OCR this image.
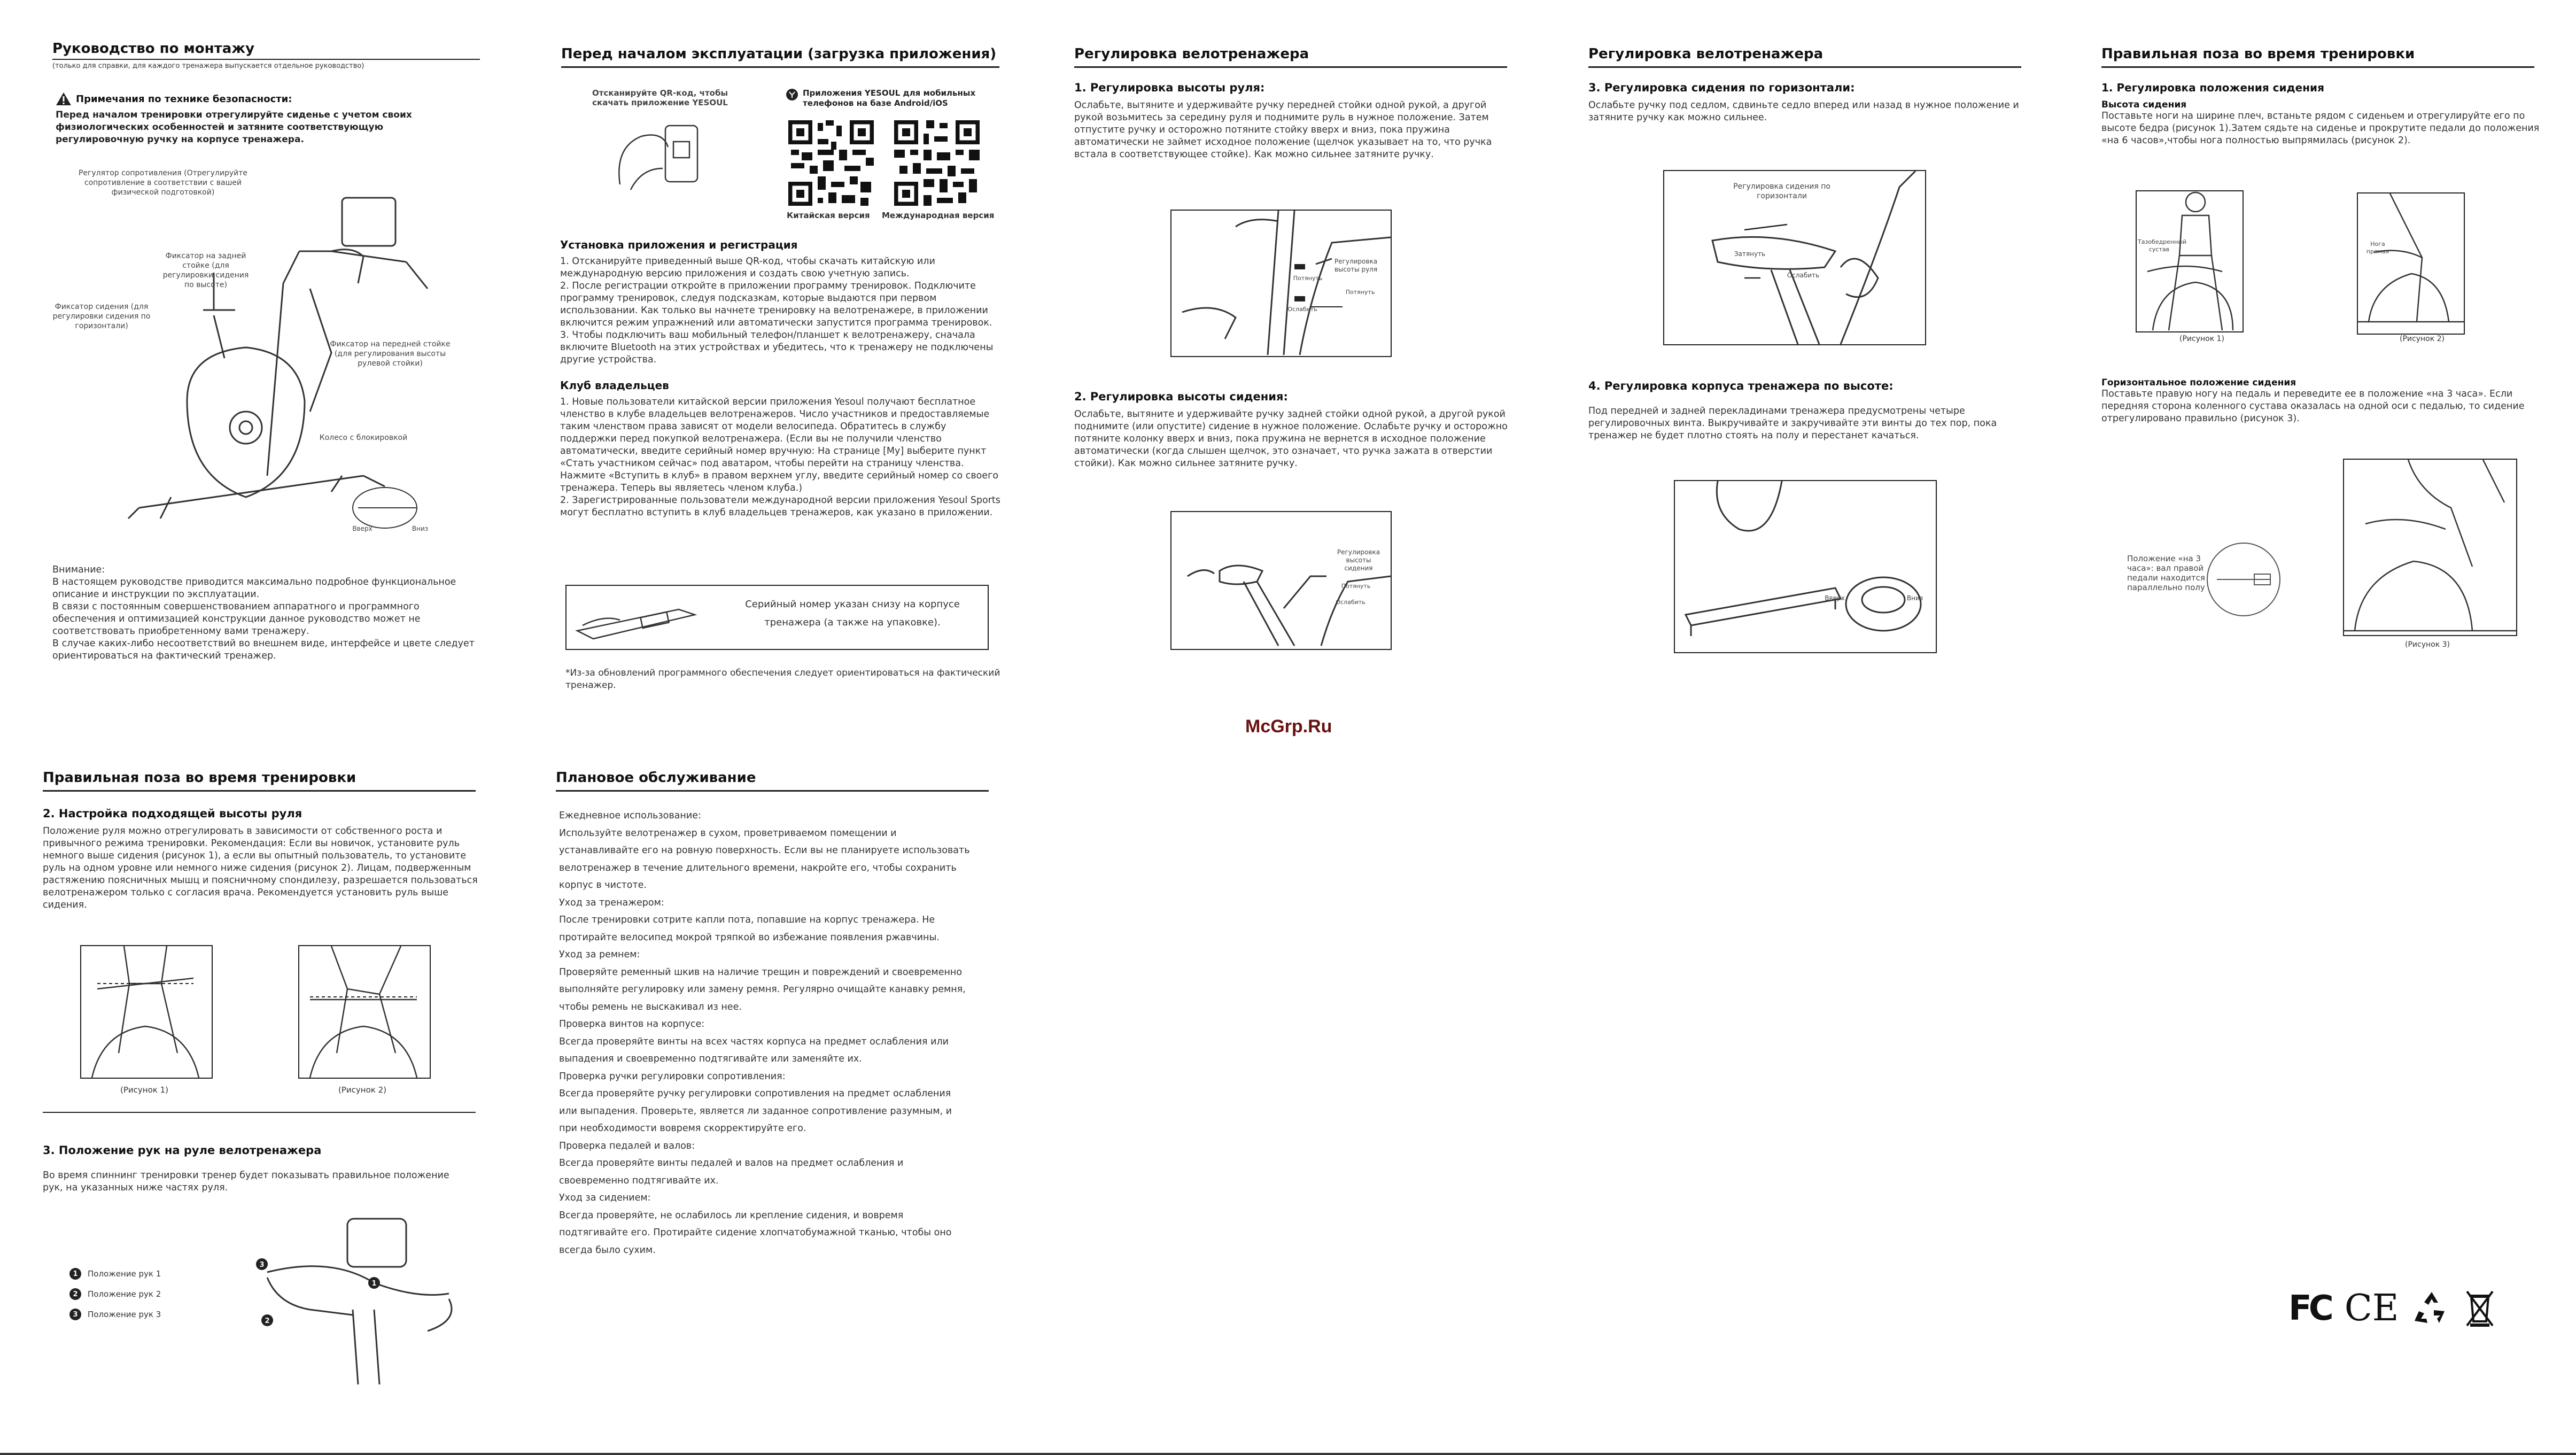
Руководство по монтажу
(только для справки, для каждого тренажера выпускается отдельное руководство)
Примечания по технике безопасности:

Перед началом тренировки отрегулируйте сиденье с учетом своих физиологических особенностей и затяните соответствующую регулировочную ручку на корпусе тренажера.

Регулятор сопротивления (Отрегулируйте сопротивление в соответствии с вашей физической подготовкой)
Фиксатор на задней стойке (для регулировки сидения по высоте)
Фиксатор сидения (для регулировки сидения по горизонтали)
Фиксатор на передней стойке (для регулирования высоты рулевой стойки)
Колесо с блокировкой
Вверх	Вниз

Внимание:

В настоящем руководстве приводится максимально подробное функциональное описание и инструкции по эксплуатации.

В связи с постоянным совершенствованием аппаратного и программного обеспечения и оптимизацией конструкции данное руководство может не соответствовать приобретенному вами тренажеру.

В случае каких-либо несоответствий во внешнем виде, интерфейсе и цвете следует ориентироваться на фактический тренажер.

Перед началом эксплуатации (загрузка приложения)
Отсканируйте QR-код, чтобы скачать приложение YESOUL
Приложения YESOUL для мобильных телефонов на базе Android/iOS
Китайская версия Международная версия
Установка приложения и регистрация

1. Отсканируйте приведенный выше QR-код, чтобы скачать китайскую или международную версию приложения и создать свою учетную запись.

2. После регистрации откройте в приложении программу тренировок. Подключите программу тренировок, следуя подсказкам, которые выдаются при первом использовании. Как только вы начнете тренировку на велотренажере, в приложении включится режим упражнений или автоматически запустится программа тренировок.

3. Чтобы подключить ваш мобильный телефон/планшет к велотренажеру, сначала включите Bluetooth на этих устройствах и убедитесь, что к тренажеру не подключены другие устройства.

Клуб владельцев

1. Новые пользователи китайской версии приложения Yesoul получают бесплатное членство в клубе владельцев велотренажеров. Число участников и предоставляемые таким членством права зависят от модели велосипеда. Обратитесь в службу поддержки перед покупкой велотренажера. (Если вы не получили членство автоматически, введите серийный номер вручную: На странице [My] выберите пункт «Стать участником сейчас» под аватаром, чтобы перейти на страницу членства. Нажмите «Вступить в клуб» в правом верхнем углу, введите серийный номер со своего тренажера. Теперь вы являетесь членом клуба.)

2. Зарегистрированные пользователи международной версии приложения Yesoul Sports могут бесплатно вступить в клуб владельцев тренажеров, как указано в приложении.

Серийный номер указан снизу на корпусе тренажера (а также на упаковке).

*Из-за обновлений программного обеспечения следует ориентироваться на фактический тренажер.

Регулировка велотренажера
1. Регулировка высоты руля:

Ослабьте, вытяните и удерживайте ручку передней стойки одной рукой, а другой рукой возьмитесь за середину руля и поднимите руль в нужное положение. Затем отпустите ручку и осторожно потяните стойку вверх и вниз, пока пружина автоматически не займет исходное положение (щелчок указывает на то, что ручка встала в соответствующее стойке). Как можно сильнее затяните ручку.

Регулировка высоты руля
Потянуть
Ослабить
Потянуть
2. Регулировка высоты сидения:

Ослабьте, вытяните и удерживайте ручку задней стойки одной рукой, а другой рукой поднимите (или опустите) сидение в нужное положение. Ослабьте ручку и осторожно потяните колонку вверх и вниз, пока пружина не вернется в исходное положение автоматически (когда слышен щелчок, это означает, что ручка зажата в отверстии стойки). Как можно сильнее затяните ручку.

Регулировка высоты сидения
Потянуть
Ослабить
McGrp.Ru
Регулировка велотренажера
3. Регулировка сидения по горизонтали:

Ослабьте ручку под седлом, сдвиньте седло вперед или назад в нужное положение и затяните ручку как можно сильнее.

Регулировка сидения по горизонтали
Затянуть
Ослабить
4. Регулировка корпуса тренажера по высоте:

Под передней и задней перекладинами тренажера предусмотрены четыре регулировочных винта. Выкручивайте и закручивайте эти винты до тех пор, пока тренажер не будет плотно стоять на полу и перестанет качаться.

Вверх	Вниз
Правильная поза во время тренировки
1. Регулировка положения сидения
Высота сидения

Поставьте ноги на ширине плеч, встаньте рядом с сиденьем и отрегулируйте его по высоте бедра (рисунок 1).Затем сядьте на сиденье и прокрутите педали до положения «на 6 часов»,чтобы нога полностью выпрямилась (рисунок 2).

Тазобедренный сустав
(Рисунок 1)
Нога прямая
(Рисунок 2)
Горизонтальное положение сидения

Поставьте правую ногу на педаль и переведите ее в положение «на 3 часа». Если передняя сторона коленного сустава оказалась на одной оси с педалью, то сидение отрегулировано правильно (рисунок 3).

Положение «на 3 часа»: вал правой педали находится параллельно полу
(Рисунок 3)
Правильная поза во время тренировки
2. Настройка подходящей высоты руля

Положение руля можно отрегулировать в зависимости от собственного роста и привычного режима тренировки. Рекомендация: Если вы новичок, установите руль немного выше сидения (рисунок 1), а если вы опытный пользователь, то установите руль на одном уровне или немного ниже сидения (рисунок 2). Лицам, подверженным растяжению поясничных мышц и поясничному спондилезу, разрешается пользоваться велотренажером только с согласия врача. Рекомендуется установить руль выше сидения.

(Рисунок 1)	(Рисунок 2)
3. Положение рук на руле велотренажера

Во время спиннинг тренировки тренер будет показывать правильное положение рук, на указанных ниже частях руля.

1	Положение рук 1
2	Положение рук 2
3	Положение рук 3
1
2
3
Плановое обслуживание

Ежедневное использование:

Используйте велотренажер в сухом, проветриваемом помещении и

устанавливайте его на ровную поверхность. Если вы не планируете использовать

велотренажер в течение длительного времени, накройте его, чтобы сохранить

корпус в чистоте.

Уход за тренажером:

После тренировки сотрите капли пота, попавшие на корпус тренажера. Не

протирайте велосипед мокрой тряпкой во избежание появления ржавчины.

Уход за ремнем:

Проверяйте ременный шкив на наличие трещин и повреждений и своевременно

выполняйте регулировку или замену ремня. Регулярно очищайте канавку ремня,

чтобы ремень не выскакивал из нее.

Проверка винтов на корпусе:

Всегда проверяйте винты на всех частях корпуса на предмет ослабления или

выпадения и своевременно подтягивайте или заменяйте их.

Проверка ручки регулировки сопротивления:

Всегда проверяйте ручку регулировки сопротивления на предмет ослабления

или выпадения. Проверьте, является ли заданное сопротивление разумным, и

при необходимости вовремя скорректируйте его.

Проверка педалей и валов:

Всегда проверяйте винты педалей и валов на предмет ослабления и

своевременно подтягивайте их.

Уход за сидением:

Всегда проверяйте, не ослабилось ли крепление сидения, и вовремя

подтягивайте его. Протирайте сидение хлопчатобумажной тканью, чтобы оно

всегда было сухим.

FC CE
